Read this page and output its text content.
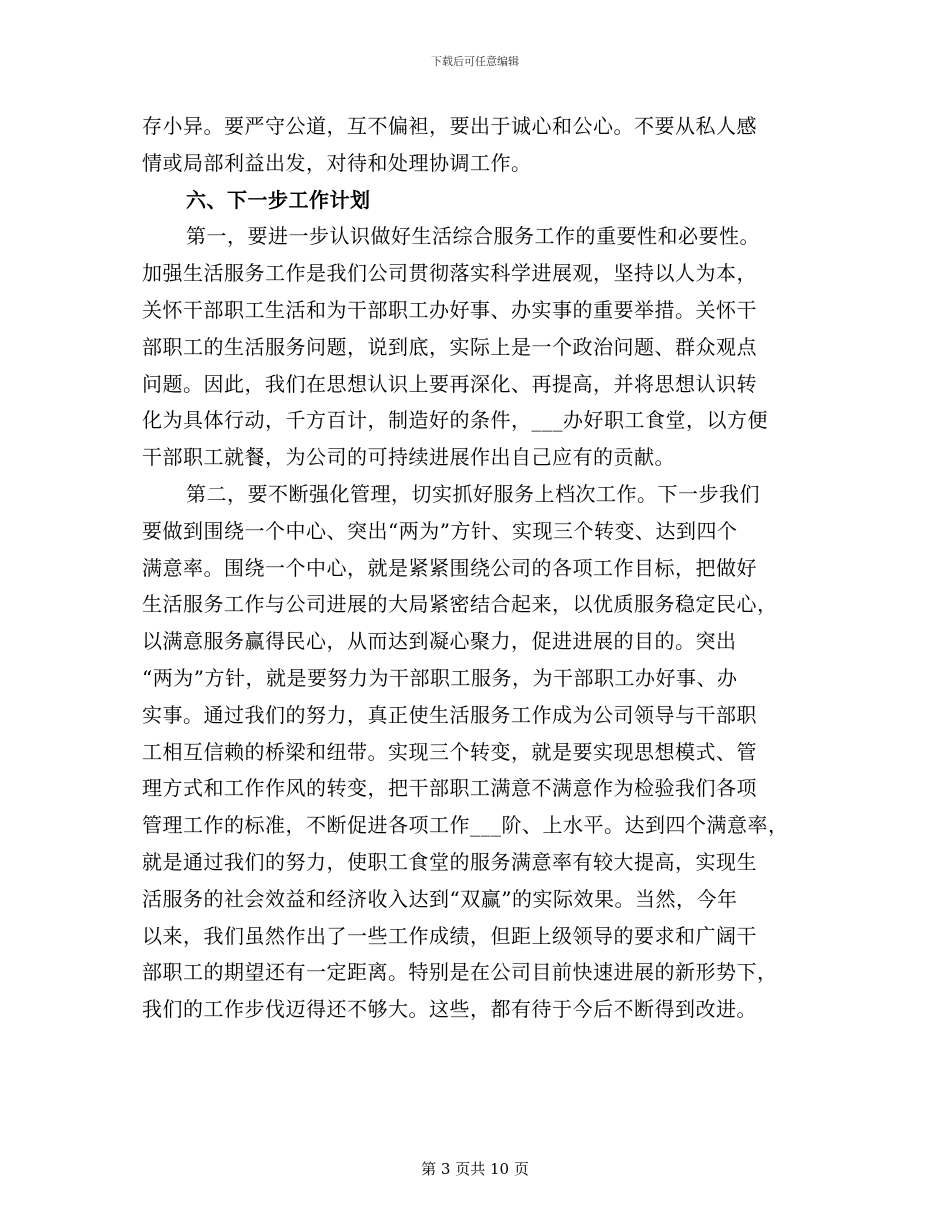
下载后可任意编辑
存小异。要严守公道，互不偏袒，要出于诚心和公心。不要从私人感
情或局部利益出发，对待和处理协调工作。
六、下一步工作计划
第一，要进一步认识做好生活综合服务工作的重要性和必要性。
加强生活服务工作是我们公司贯彻落实科学进展观，坚持以人为本，
关怀干部职工生活和为干部职工办好事、办实事的重要举措。关怀干
部职工的生活服务问题，说到底，实际上是一个政治问题、群众观点
问题。因此，我们在思想认识上要再深化、再提高，并将思想认识转
化为具体行动，千方百计，制造好的条件，___办好职工食堂，以方便
干部职工就餐，为公司的可持续进展作出自己应有的贡献。
第二，要不断强化管理，切实抓好服务上档次工作。下一步我们
要做到围绕一个中心、突出“两为”方针、实现三个转变、达到四个
满意率。围绕一个中心，就是紧紧围绕公司的各项工作目标，把做好
生活服务工作与公司进展的大局紧密结合起来，以优质服务稳定民心，
以满意服务赢得民心，从而达到凝心聚力，促进进展的目的。突出
“两为”方针，就是要努力为干部职工服务，为干部职工办好事、办
实事。通过我们的努力，真正使生活服务工作成为公司领导与干部职
工相互信赖的桥梁和纽带。实现三个转变，就是要实现思想模式、管
理方式和工作作风的转变，把干部职工满意不满意作为检验我们各项
管理工作的标准，不断促进各项工作___阶、上水平。达到四个满意率，
就是通过我们的努力，使职工食堂的服务满意率有较大提高，实现生
活服务的社会效益和经济收入达到“双赢”的实际效果。当然，今年
以来，我们虽然作出了一些工作成绩，但距上级领导的要求和广阔干
部职工的期望还有一定距离。特别是在公司目前快速进展的新形势下，
我们的工作步伐迈得还不够大。这些，都有待于今后不断得到改进。
第 3 页共 10 页
